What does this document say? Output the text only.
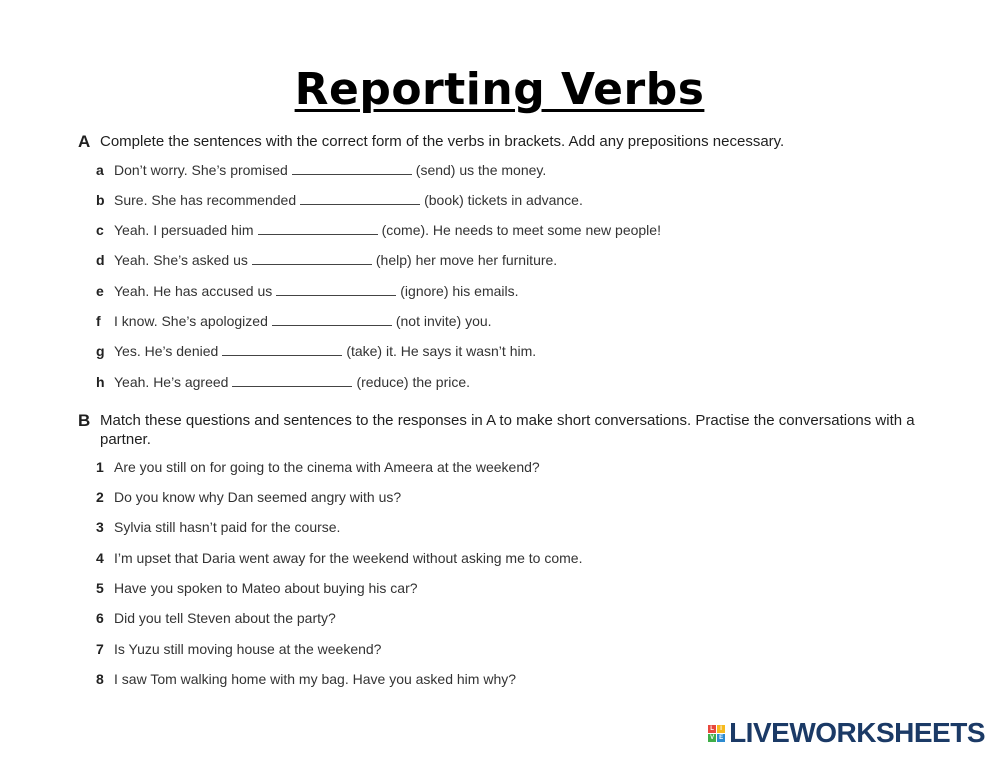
Reporting Verbs
A Complete the sentences with the correct form of the verbs in brackets. Add any prepositions necessary.
a Don’t worry. She’s promised	(send) us the money.
b Sure. She has recommended	(book) tickets in advance.
c Yeah. I persuaded him	(come). He needs to meet some new people!
d Yeah. She’s asked us	(help) her move her furniture.
e Yeah. He has accused us	(ignore) his emails.
f I know. She’s apologized	(not invite) you.
g Yes. He’s denied	(take) it. He says it wasn’t him.
h Yeah. He’s agreed	(reduce) the price.
B Match these questions and sentences to the responses in A to make short conversations. Practise the conversations with a partner.
1 Are you still on for going to the cinema with Ameera at the weekend?
2 Do you know why Dan seemed angry with us?
3 Sylvia still hasn’t paid for the course.
4 I’m upset that Daria went away for the weekend without asking me to come.
5 Have you spoken to Mateo about buying his car?
6 Did you tell Steven about the party?
7 Is Yuzu still moving house at the weekend?
8 I saw Tom walking home with my bag. Have you asked him why?
L	I
V E LIVEWORKSHEETS
